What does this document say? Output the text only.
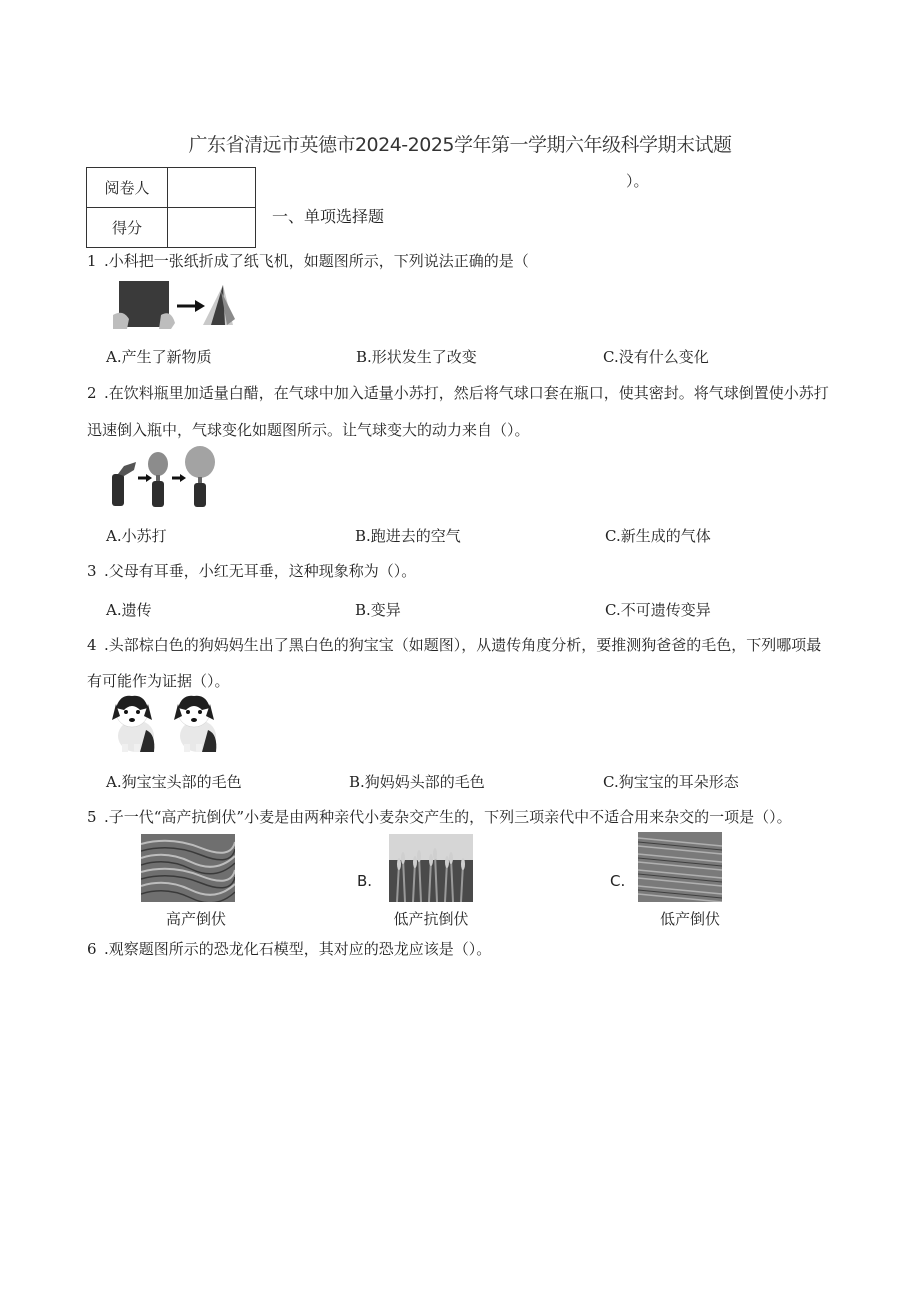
广东省清远市英德市2024-2025学年第一学期六年级科学期末试题
）。
阅卷人	
得分	
一、单项选择题
1 .小科把一张纸折成了纸飞机，如题图所示，下列说法正确的是（
A.产生了新物质	B.形状发生了改变	C.没有什么变化
2 .在饮料瓶里加适量白醋，在气球中加入适量小苏打，然后将气球口套在瓶口，使其密封。将气球倒置使小苏打
迅速倒入瓶中，气球变化如题图所示。让气球变大的动力来自（）。
A.小苏打	B.跑进去的空气	C.新生成的气体
3 .父母有耳垂，小红无耳垂，这种现象称为（）。
A.遗传	B.变异	C.不可遗传变异
4 .头部棕白色的狗妈妈生出了黑白色的狗宝宝（如题图），从遗传角度分析，要推测狗爸爸的毛色，下列哪项最
有可能作为证据（）。
A.狗宝宝头部的毛色	B.狗妈妈头部的毛色	C.狗宝宝的耳朵形态
5 .子一代“高产抗倒伏”小麦是由两种亲代小麦杂交产生的，下列三项亲代中不适合用来杂交的一项是（）。
高产倒伏
B.
低产抗倒伏
C.
低产倒伏
6 .观察题图所示的恐龙化石模型，其对应的恐龙应该是（）。
